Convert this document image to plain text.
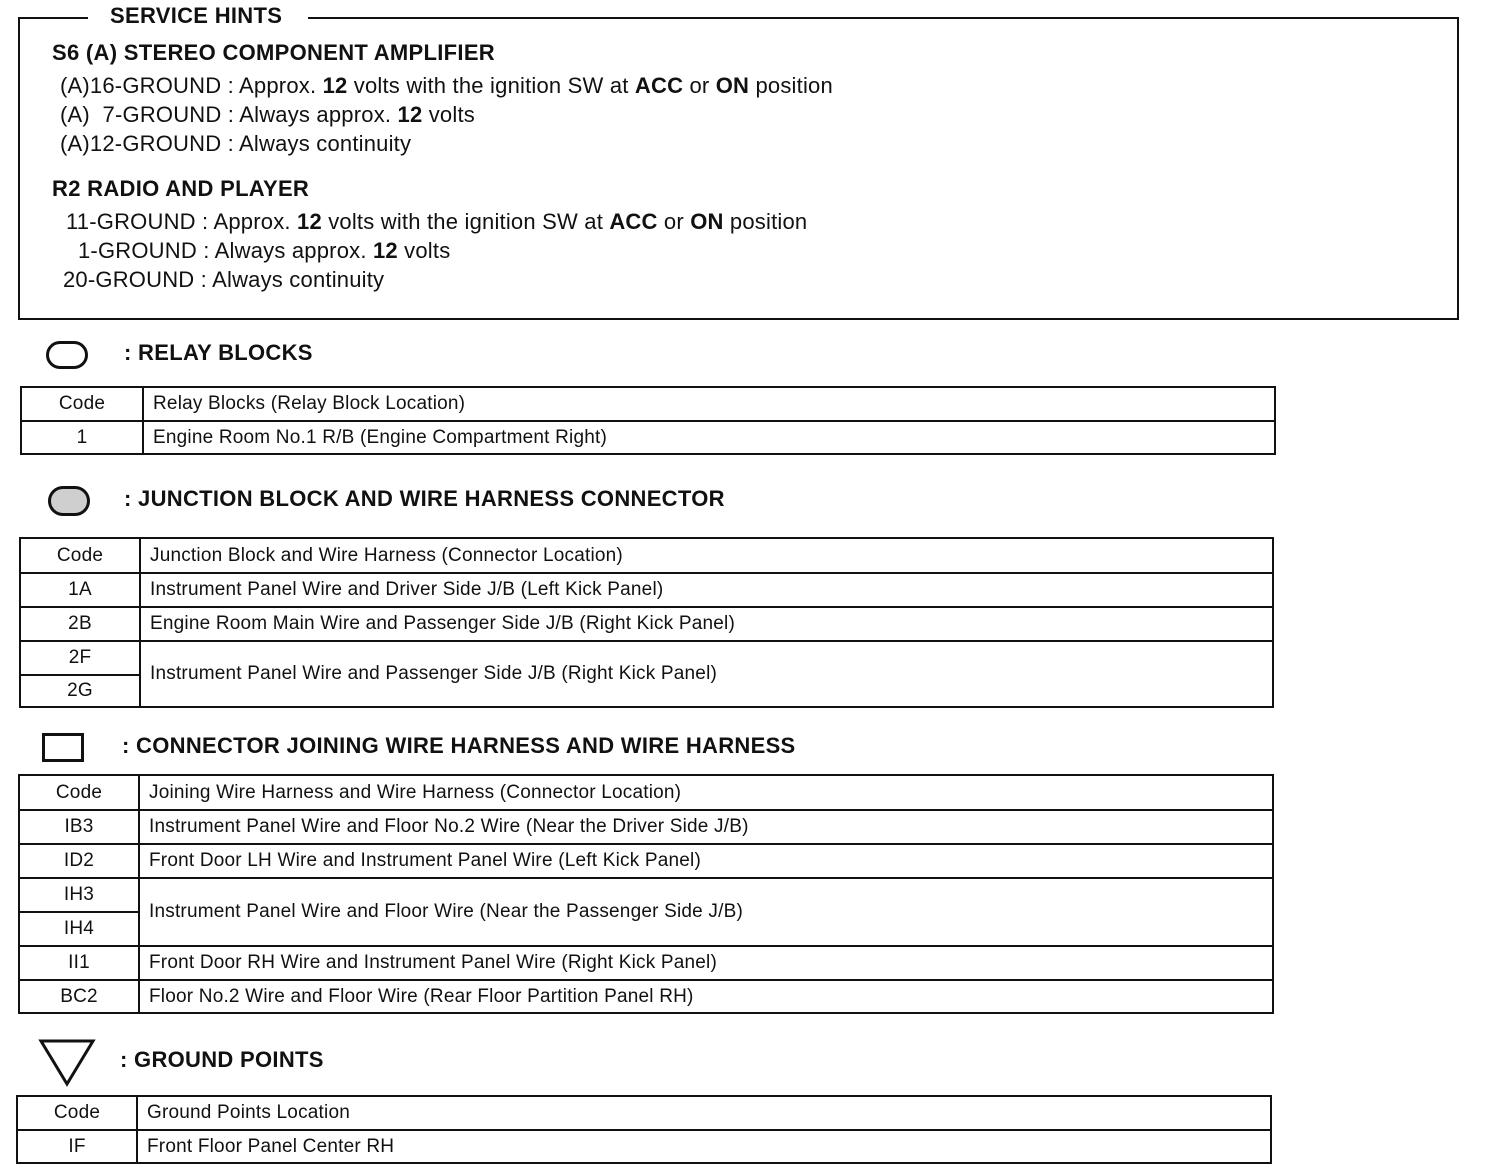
SERVICE HINTS
S6 (A) STEREO COMPONENT AMPLIFIER
(A)16-GROUND : Approx. 12 volts with the ignition SW at ACC or ON position
(A)  7-GROUND : Always approx. 12 volts
(A)12-GROUND : Always continuity
R2 RADIO AND PLAYER
11-GROUND : Approx. 12 volts with the ignition SW at ACC or ON position
1-GROUND : Always approx. 12 volts
20-GROUND : Always continuity
: RELAY BLOCKS
Code	Relay Blocks (Relay Block Location)
1	Engine Room No.1 R/B (Engine Compartment Right)
: JUNCTION BLOCK AND WIRE HARNESS CONNECTOR
Code	Junction Block and Wire Harness (Connector Location)
1A	Instrument Panel Wire and Driver Side J/B (Left Kick Panel)
2B	Engine Room Main Wire and Passenger Side J/B (Right Kick Panel)
2F	Instrument Panel Wire and Passenger Side J/B (Right Kick Panel)
2G	
: CONNECTOR JOINING WIRE HARNESS AND WIRE HARNESS
Code	Joining Wire Harness and Wire Harness (Connector Location)
IB3	Instrument Panel Wire and Floor No.2 Wire (Near the Driver Side J/B)
ID2	Front Door LH Wire and Instrument Panel Wire (Left Kick Panel)
IH3	Instrument Panel Wire and Floor Wire (Near the Passenger Side J/B)
IH4	
II1	Front Door RH Wire and Instrument Panel Wire (Right Kick Panel)
BC2	Floor No.2 Wire and Floor Wire (Rear Floor Partition Panel RH)
: GROUND POINTS
Code	Ground Points Location
IF	Front Floor Panel Center RH
